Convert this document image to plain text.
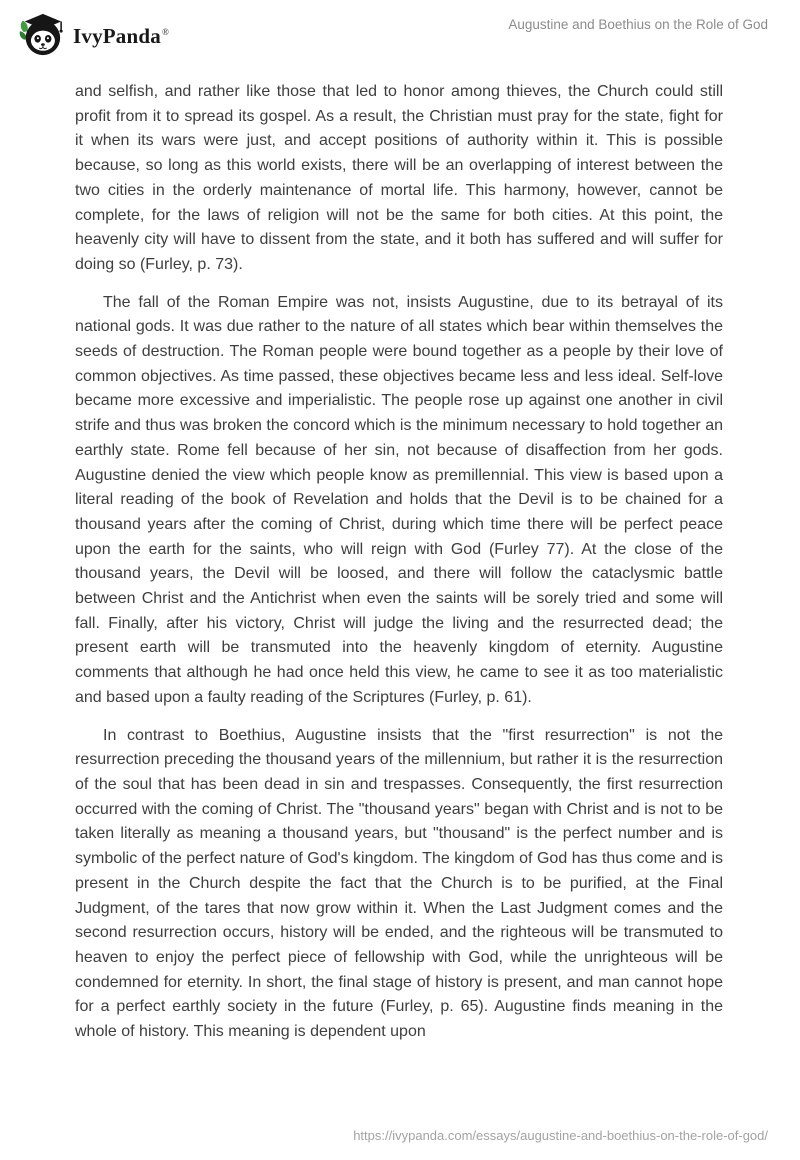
IvyPanda®	Augustine and Boethius on the Role of God

and selfish, and rather like those that led to honor among thieves, the Church could still profit from it to spread its gospel. As a result, the Christian must pray for the state, fight for it when its wars were just, and accept positions of authority within it. This is possible because, so long as this world exists, there will be an overlapping of interest between the two cities in the orderly maintenance of mortal life. This harmony, however, cannot be complete, for the laws of religion will not be the same for both cities. At this point, the heavenly city will have to dissent from the state, and it both has suffered and will suffer for doing so (Furley, p. 73).

The fall of the Roman Empire was not, insists Augustine, due to its betrayal of its national gods. It was due rather to the nature of all states which bear within themselves the seeds of destruction. The Roman people were bound together as a people by their love of common objectives. As time passed, these objectives became less and less ideal. Self-love became more excessive and imperialistic. The people rose up against one another in civil strife and thus was broken the concord which is the minimum necessary to hold together an earthly state. Rome fell because of her sin, not because of disaffection from her gods. Augustine denied the view which people know as premillennial. This view is based upon a literal reading of the book of Revelation and holds that the Devil is to be chained for a thousand years after the coming of Christ, during which time there will be perfect peace upon the earth for the saints, who will reign with God (Furley 77). At the close of the thousand years, the Devil will be loosed, and there will follow the cataclysmic battle between Christ and the Antichrist when even the saints will be sorely tried and some will fall. Finally, after his victory, Christ will judge the living and the resurrected dead; the present earth will be transmuted into the heavenly kingdom of eternity. Augustine comments that although he had once held this view, he came to see it as too materialistic and based upon a faulty reading of the Scriptures (Furley, p. 61).

In contrast to Boethius, Augustine insists that the "first resurrection" is not the resurrection preceding the thousand years of the millennium, but rather it is the resurrection of the soul that has been dead in sin and trespasses. Consequently, the first resurrection occurred with the coming of Christ. The "thousand years" began with Christ and is not to be taken literally as meaning a thousand years, but "thousand" is the perfect number and is symbolic of the perfect nature of God's kingdom. The kingdom of God has thus come and is present in the Church despite the fact that the Church is to be purified, at the Final Judgment, of the tares that now grow within it. When the Last Judgment comes and the second resurrection occurs, history will be ended, and the righteous will be transmuted to heaven to enjoy the perfect piece of fellowship with God, while the unrighteous will be condemned for eternity. In short, the final stage of history is present, and man cannot hope for a perfect earthly society in the future (Furley, p. 65). Augustine finds meaning in the whole of history. This meaning is dependent upon

https://ivypanda.com/essays/augustine-and-boethius-on-the-role-of-god/
